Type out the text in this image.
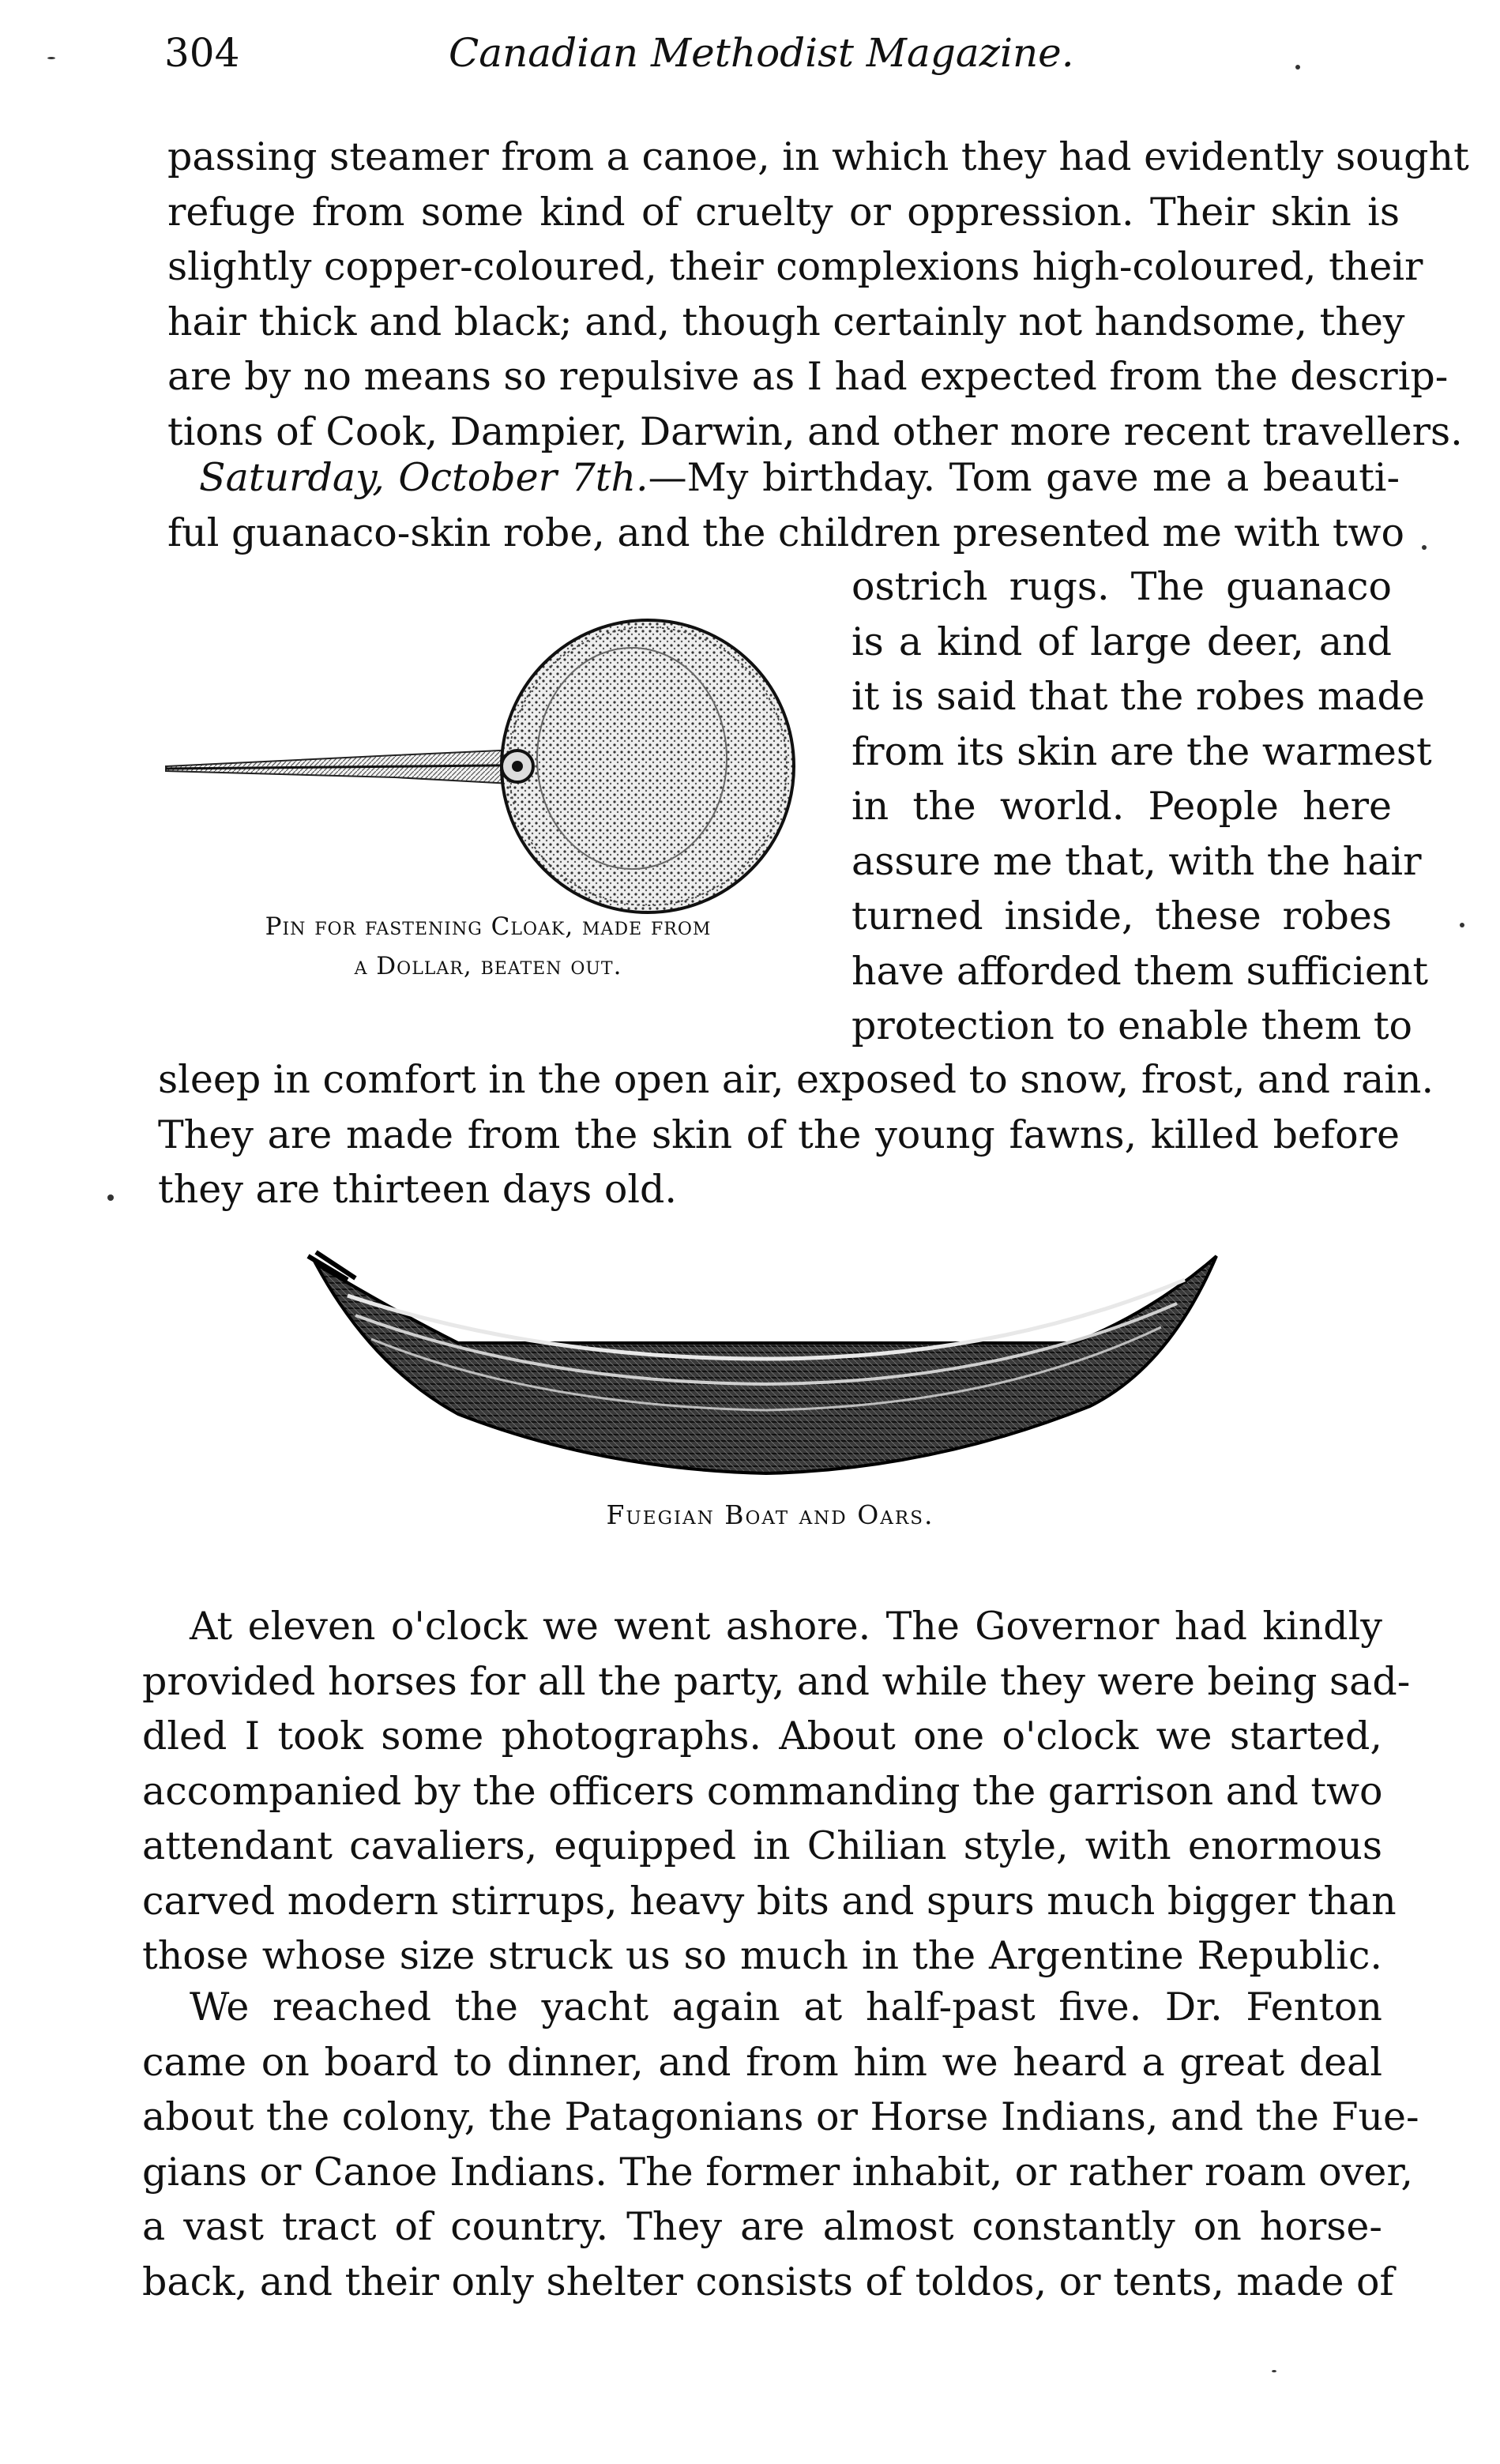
304	Canadian Methodist Magazine.
passing steamer from a canoe, in which they had evidently sought
refuge from some kind of cruelty or oppression. Their skin is
slightly copper-coloured, their complexions high-coloured, their
hair thick and black; and, though certainly not handsome, they
are by no means so repulsive as I had expected from the descrip-
tions of Cook, Dampier, Darwin, and other more recent travellers.
Saturday, October 7th.—My birthday. Tom gave me a beauti-
ful guanaco-skin robe, and the children presented me with two
ostrich rugs. The guanaco
is a kind of large deer, and
it is said that the robes made
from its skin are the warmest
in the world. People here
assure me that, with the hair
turned inside, these robes
have afforded them sufficient
protection to enable them to
Pin for fastening Cloak, made from
a Dollar, beaten out.
sleep in comfort in the open air, exposed to snow, frost, and rain.
They are made from the skin of the young fawns, killed before
they are thirteen days old.
Fuegian Boat and Oars.
At eleven o'clock we went ashore. The Governor had kindly
provided horses for all the party, and while they were being sad-
dled I took some photographs. About one o'clock we started,
accompanied by the officers commanding the garrison and two
attendant cavaliers, equipped in Chilian style, with enormous
carved modern stirrups, heavy bits and spurs much bigger than
those whose size struck us so much in the Argentine Republic.
We reached the yacht again at half-past five. Dr. Fenton
came on board to dinner, and from him we heard a great deal
about the colony, the Patagonians or Horse Indians, and the Fue-
gians or Canoe Indians. The former inhabit, or rather roam over,
a vast tract of country. They are almost constantly on horse-
back, and their only shelter consists of toldos, or tents, made of
